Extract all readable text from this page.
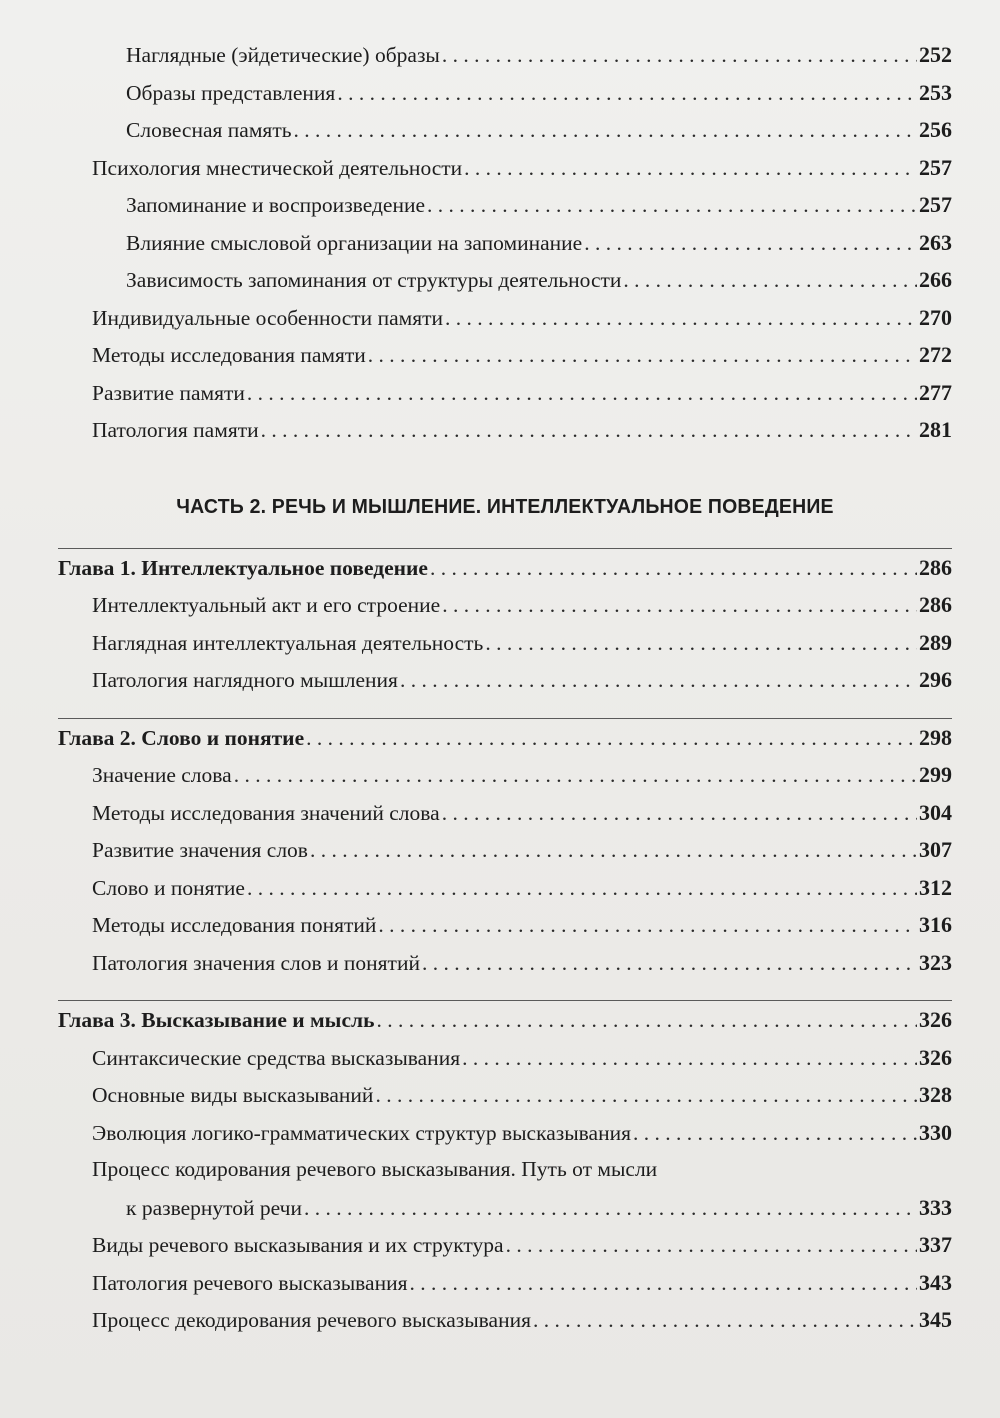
Наглядные (эйдетические) образы . . .	252
Образы представления . . .	253
Словесная память . . .	256
Психология мнестической деятельности . . .	257
Запоминание и воспроизведение . . .	257
Влияние смысловой организации на запоминание . . .	263
Зависимость запоминания от структуры деятельности . . .	266
Индивидуальные особенности памяти . . .	270
Методы исследования памяти . . .	272
Развитие памяти . . .	277
Патология памяти . . .	281
ЧАСТЬ 2. РЕЧЬ И МЫШЛЕНИЕ. ИНТЕЛЛЕКТУАЛЬНОЕ ПОВЕДЕНИЕ
Глава 1. Интеллектуальное поведение . . .	286
Интеллектуальный акт и его строение . . .	286
Наглядная интеллектуальная деятельность . . .	289
Патология наглядного мышления . . .	296
Глава 2. Слово и понятие . . .	298
Значение слова . . .	299
Методы исследования значений слова . . .	304
Развитие значения слов . . .	307
Слово и понятие . . .	312
Методы исследования понятий . . .	316
Патология значения слов и понятий . . .	323
Глава 3. Высказывание и мысль . . .	326
Синтаксические средства высказывания . . .	326
Основные виды высказываний . . .	328
Эволюция логико-грамматических структур высказывания . . .	330
Процесс кодирования речевого высказывания. Путь от мысли
к развернутой речи . . .	333
Виды речевого высказывания и их структура . . .	337
Патология речевого высказывания . . .	343
Процесс декодирования речевого высказывания . . .	345
